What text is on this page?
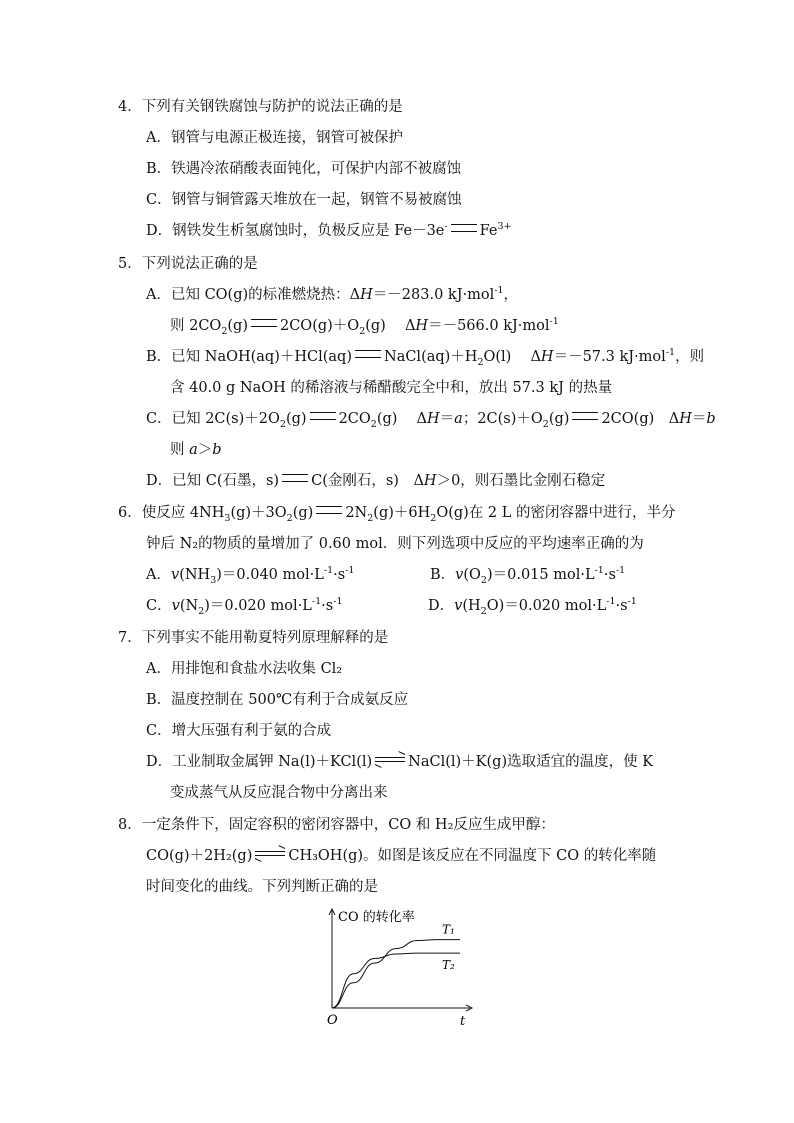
4．下列有关钢铁腐蚀与防护的说法正确的是
A．钢管与电源正极连接，钢管可被保护
B．铁遇冷浓硝酸表面钝化，可保护内部不被腐蚀
C．钢管与铜管露天堆放在一起，钢管不易被腐蚀
D．钢铁发生析氢腐蚀时，负极反应是 Fe－3e- $Fe^{3+}$
5．下列说法正确的是
A．已知 CO(g)的标准燃烧热：ΔH＝－283.0 kJ·mol$^{-1}$，
则 $2CO_2(g)$ $2CO(g)+O_2(g)$　 ΔH＝－566.0 kJ·mol$^{-1}$
B．已知 NaOH(aq)＋HCl(aq) $NaCl(aq)+H_2O(l)$　 ΔH＝－57.3 kJ·mol$^{-1}$，则
含 40.0 g NaOH 的稀溶液与稀醋酸完全中和，放出 57.3 kJ 的热量
C．已知 $2C(s)+2O_2(g)$ $2CO_2(g)$　 ΔH＝a；$2C(s)+O_2(g)$ 2CO(g)　ΔH＝b
则 a＞b
D．已知 C(石墨，s) C(金刚石，s)　ΔH＞0，则石墨比金刚石稳定
6．使反应 $4NH_3(g)+3O_2(g)$ $2N_2(g)+6H_2O(g)$在 2 L 的密闭容器中进行，半分
钟后 N₂的物质的量增加了 0.60 mol．则下列选项中反应的平均速率正确的为
A．$v(NH_3)=0.040$ $mol\cdot L^{-1}\cdot s^{-1}$	B．$v(O_2)=0.015$ $mol\cdot L^{-1}\cdot s^{-1}$
C．$v(N_2)=0.020$ $mol\cdot L^{-1}\cdot s^{-1}$	D．$v(H_2O)=0.020$ $mol\cdot L^{-1}\cdot s^{-1}$
7．下列事实不能用勒夏特列原理解释的是
A．用排饱和食盐水法收集 Cl₂
B．温度控制在 500℃有利于合成氨反应
C．增大压强有利于氨的合成
D．工业制取金属钾 Na(l)＋KCl(l) NaCl(l)＋K(g)选取适宜的温度，使 K
变成蒸气从反应混合物中分离出来
8．一定条件下，固定容积的密闭容器中，CO 和 H₂反应生成甲醇：
CO(g)＋2H₂(g) CH₃OH(g)。如图是该反应在不同温度下 CO 的转化率随
时间变化的曲线。下列判断正确的是
CO 的转化率
t
O
T₁
T₂
